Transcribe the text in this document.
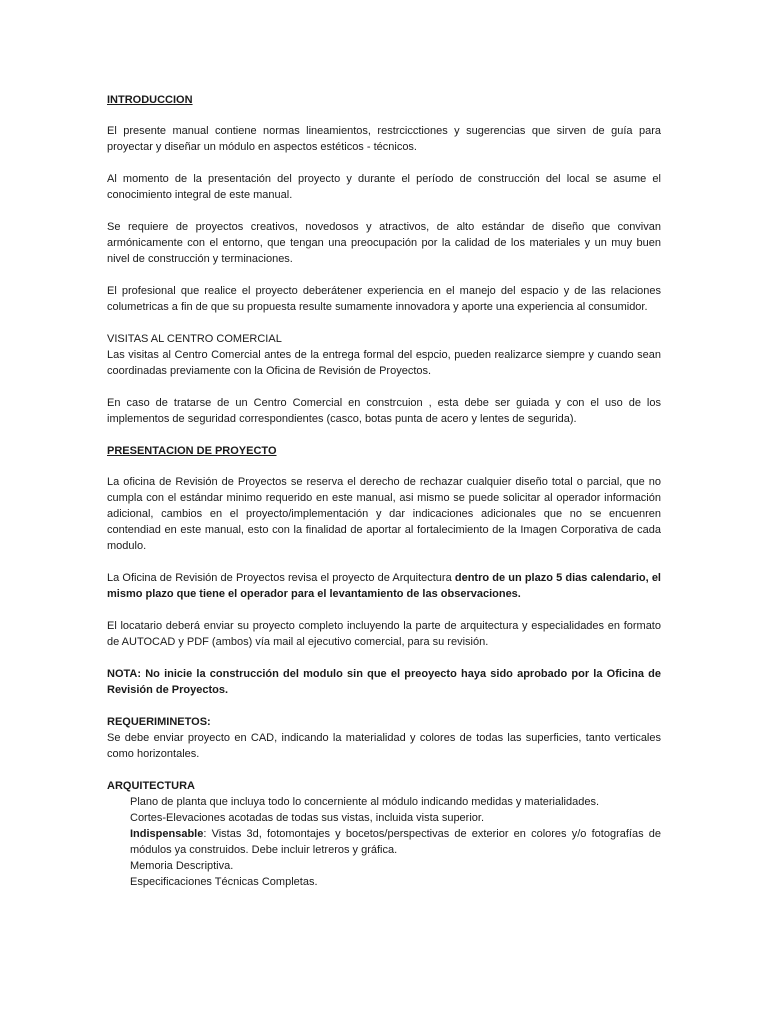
INTRODUCCION

El presente manual contiene normas lineamientos, restrcicctiones y sugerencias que sirven de guía para proyectar y diseñar un módulo en aspectos estéticos - técnicos.

Al momento de la presentación del proyecto y durante el período de construcción del local se asume el conocimiento integral de este manual.

Se requiere de proyectos creativos, novedosos y atractivos, de alto estándar de diseño que convivan armónicamente con el entorno, que tengan una preocupación por la calidad de los materiales y un muy buen nivel de construcción y terminaciones.

El profesional que realice el proyecto deberátener experiencia en el manejo del espacio y de las relaciones columetricas a fin de que su propuesta resulte sumamente innovadora y aporte una experiencia al consumidor.

VISITAS AL CENTRO COMERCIAL

Las visitas al Centro Comercial antes de la entrega formal del espcio, pueden realizarce siempre y cuando sean coordinadas previamente con la Oficina de Revisión de Proyectos.

En caso de tratarse de un Centro Comercial en constrcuion , esta debe ser guiada y con el uso de los implementos de seguridad correspondientes (casco, botas punta de acero y lentes de segurida).

PRESENTACION DE PROYECTO

La oficina de Revisión de Proyectos se reserva el derecho de rechazar cualquier diseño total o parcial, que no cumpla con el estándar minimo requerido en este manual, asi mismo se puede solicitar al operador información adicional, cambios en el proyecto/implementación y dar indicaciones adicionales que no se encuenren contendiad en este manual, esto con la finalidad de aportar al fortalecimiento de la Imagen Corporativa de cada modulo.

La Oficina de Revisión de Proyectos revisa el proyecto de Arquitectura dentro de un plazo 5 dias calendario, el mismo plazo que tiene el operador para el levantamiento de las observaciones.

El locatario deberá enviar su proyecto completo incluyendo la parte de arquitectura y especialidades en formato de AUTOCAD y PDF (ambos) vía mail al ejecutivo comercial, para su revisión.

NOTA: No inicie la construcción del modulo sin que el preoyecto haya sido aprobado por la Oficina de Revisión de Proyectos.

REQUERIMINETOS:

Se debe enviar proyecto en CAD, indicando la materialidad y colores de todas las superficies, tanto verticales como horizontales.

ARQUITECTURA

Plano de planta que incluya todo lo concerniente al módulo indicando medidas y materialidades.
Cortes-Elevaciones acotadas de todas sus vistas, incluida vista superior.
Indispensable: Vistas 3d, fotomontajes y bocetos/perspectivas de exterior en colores y/o fotografías de módulos ya construidos. Debe incluir letreros y gráfica.
Memoria Descriptiva.
Especificaciones Técnicas Completas.
